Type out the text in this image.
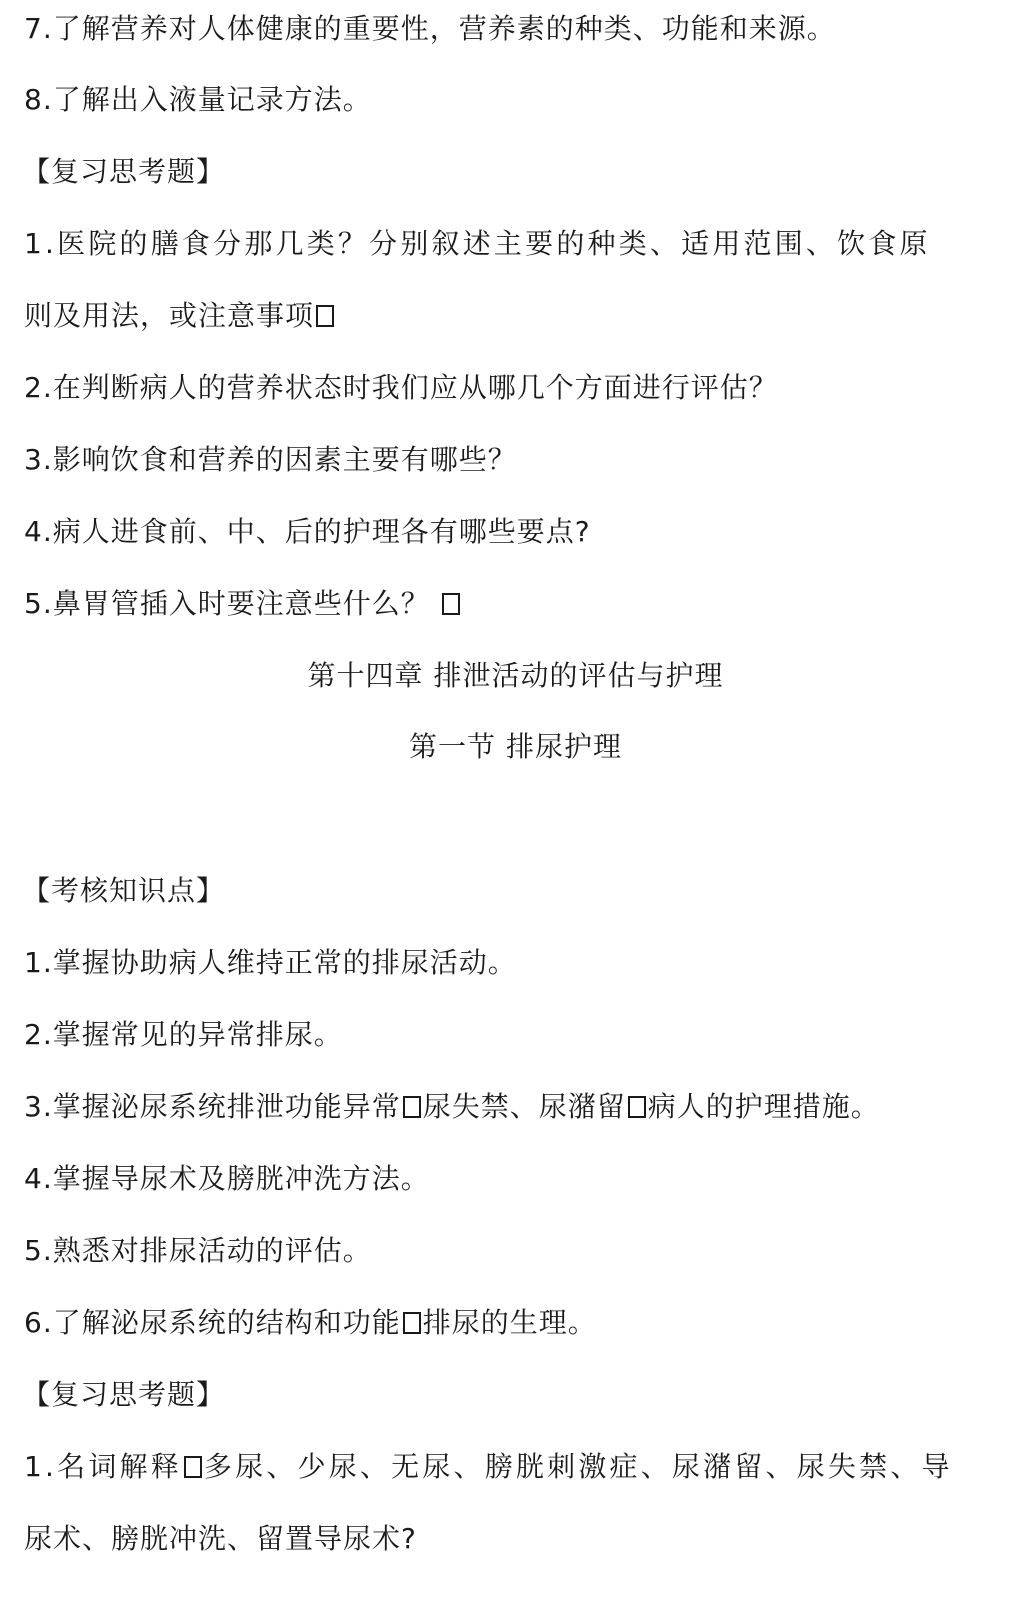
7.了解营养对人体健康的重要性，营养素的种类、功能和来源。
8.了解出入液量记录方法。
【复习思考题】
1.医院的膳食分那几类？分别叙述主要的种类、适用范围、饮食原
则及用法，或注意事项
2.在判断病人的营养状态时我们应从哪几个方面进行评估？
3.影响饮食和营养的因素主要有哪些？
4.病人进食前、中、后的护理各有哪些要点?
5.鼻胃管插入时要注意些什么？
第十四章 排泄活动的评估与护理
第一节 排尿护理
【考核知识点】
1.掌握协助病人维持正常的排尿活动。
2.掌握常见的异常排尿。
3.掌握泌尿系统排泄功能异常 尿失禁、尿潴留 病人的护理措施。
4.掌握导尿术及膀胱冲洗方法。
5.熟悉对排尿活动的评估。
6.了解泌尿系统的结构和功能 排尿的生理。
【复习思考题】
1.名词解释 多尿、少尿、无尿、膀胱刺激症、尿潴留、尿失禁、导
尿术、膀胱冲洗、留置导尿术?
